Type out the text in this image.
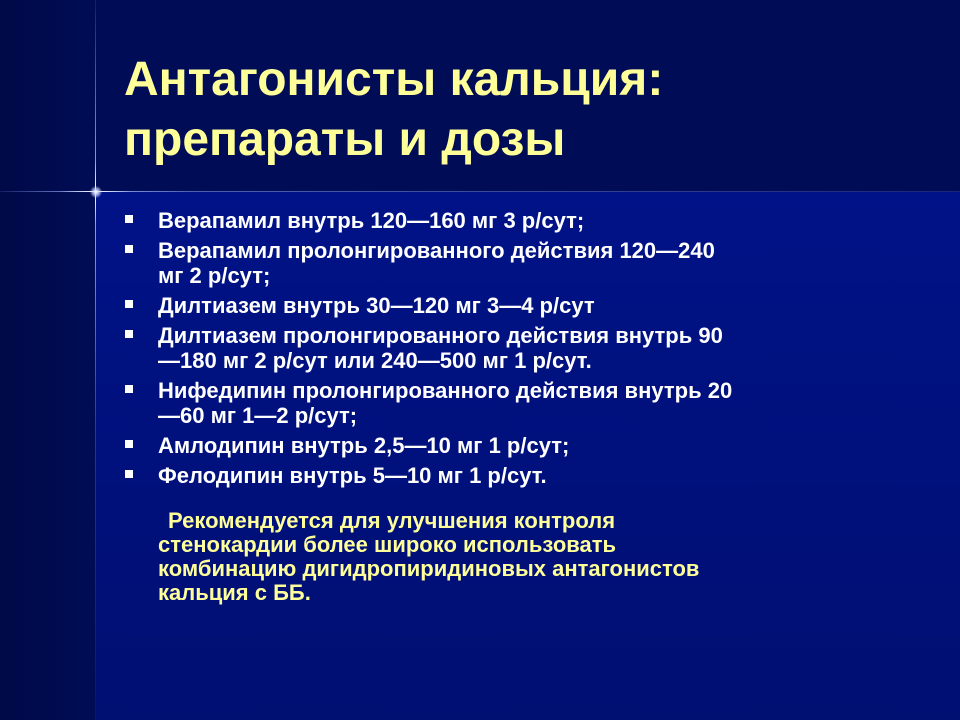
Антагонисты кальция:
препараты и дозы
Верапамил внутрь 120—160 мг 3 р/сут;
Верапамил пролонгированного действия 120—240
мг 2 р/сут;
Дилтиазем внутрь 30—120 мг 3—4 р/сут
Дилтиазем пролонгированного действия внутрь 90
—180 мг 2 р/сут или 240—500 мг 1 р/сут.
Нифедипин пролонгированного действия внутрь 20
—60 мг 1—2 р/сут;
Амлодипин внутрь 2,5—10 мг 1 р/сут;
Фелодипин внутрь 5—10 мг 1 р/сут.

Рекомендуется для улучшения контроля
стенокардии более широко использовать
комбинацию дигидропиридиновых антагонистов
кальция с ББ.
